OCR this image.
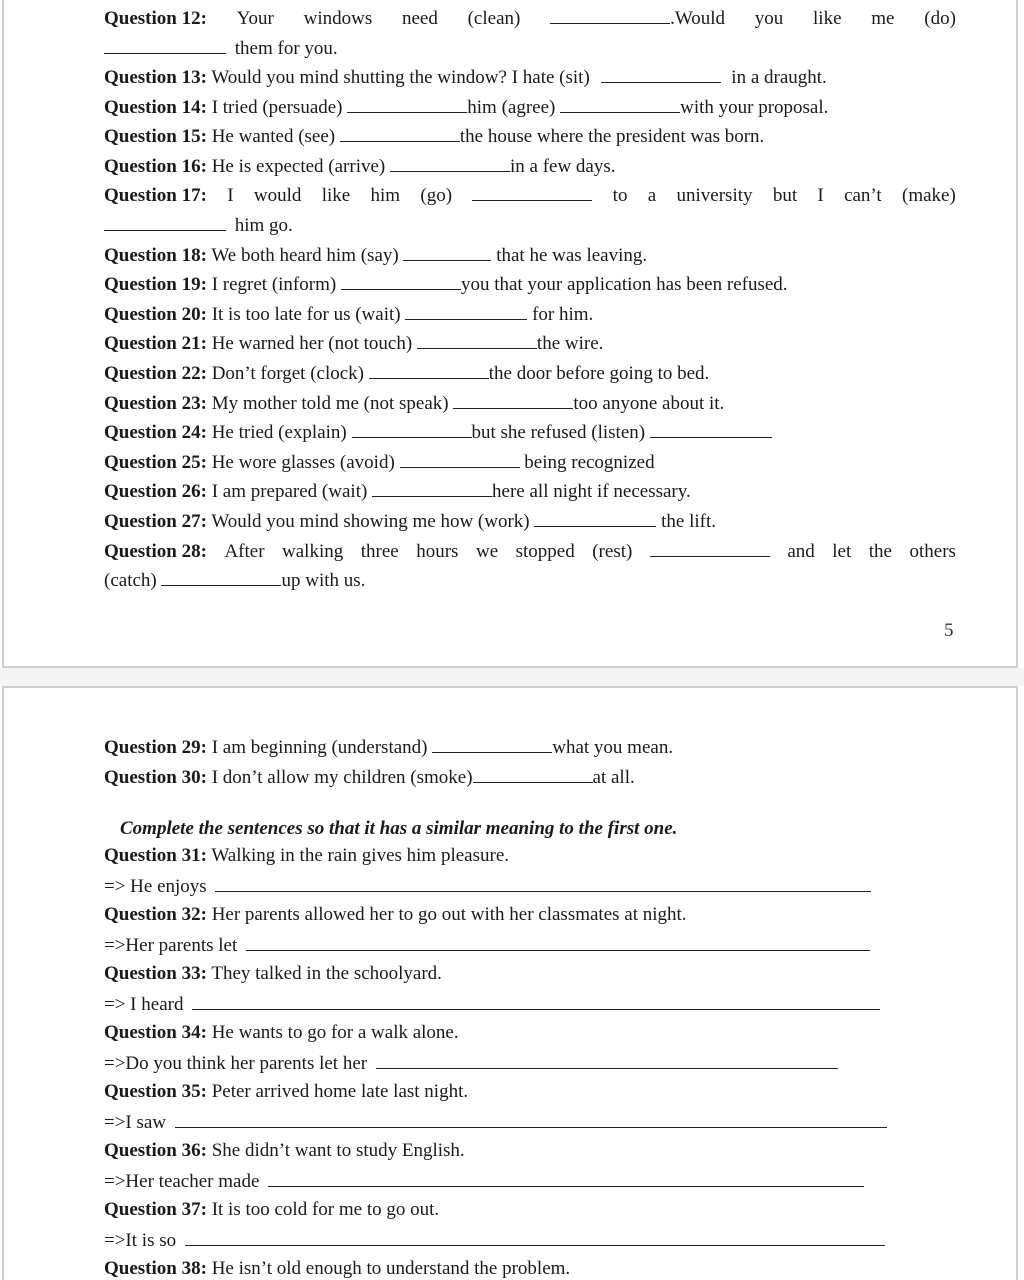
Question 12: Your windows need (clean)	.Would you like me (do)
them for you.
Question 13: Would you mind shutting the window? I hate (sit)	in a draught.
Question 14: I tried (persuade)	him (agree)	with your proposal.
Question 15: He wanted (see)	the house where the president was born.
Question 16: He is expected (arrive)	in a few days.
Question 17: I would like him (go)	to a university but I can’t (make)
him go.
Question 18: We both heard him (say)	that he was leaving.
Question 19: I regret (inform)	you that your application has been refused.
Question 20: It is too late for us (wait)	for him.
Question 21: He warned her (not touch)	the wire.
Question 22: Don’t forget (clock)	the door before going to bed.
Question 23: My mother told me (not speak)	too anyone about it.
Question 24: He tried (explain)	but she refused (listen)
Question 25: He wore glasses (avoid)	being recognized
Question 26: I am prepared (wait)	here all night if necessary.
Question 27: Would you mind showing me how (work)	the lift.
Question 28: After walking three hours we stopped (rest)	and let the others
(catch)	up with us.
5
Question 29: I am beginning (understand)	what you mean.
Question 30: I don’t allow my children (smoke)	at all.
Complete the sentences so that it has a similar meaning to the first one.
Question 31: Walking in the rain gives him pleasure.
=> He enjoys
Question 32: Her parents allowed her to go out with her classmates at night.
=>Her parents let
Question 33: They talked in the schoolyard.
=> I heard
Question 34: He wants to go for a walk alone.
=>Do you think her parents let her
Question 35: Peter arrived home late last night.
=>I saw
Question 36: She didn’t want to study English.
=>Her teacher made
Question 37: It is too cold for me to go out.
=>It is so
Question 38: He isn’t old enough to understand the problem.
